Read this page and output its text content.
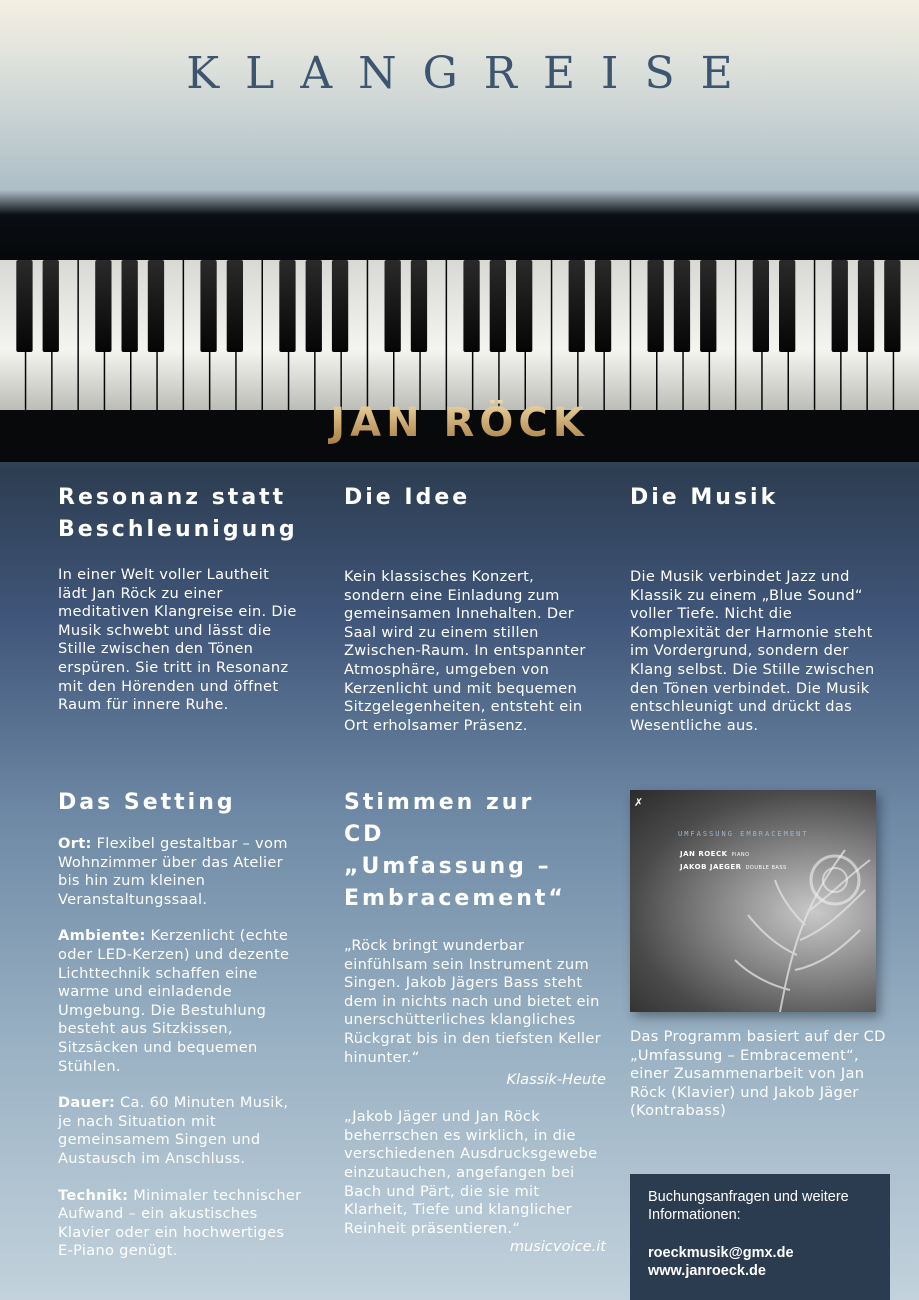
KLANGREISE
JAN RÖCK
Resonanz statt Beschleunigung

In einer Welt voller Lautheit lädt Jan Röck zu einer meditativen Klangreise ein. Die Musik schwebt und lässt die Stille zwischen den Tönen erspüren. Sie tritt in Resonanz mit den Hörenden und öffnet Raum für innere Ruhe.

Die Idee

Kein klassisches Konzert, sondern eine Einladung zum gemeinsamen Innehalten. Der Saal wird zu einem stillen Zwischen-Raum. In entspannter Atmosphäre, umgeben von Kerzenlicht und mit bequemen Sitzgelegenheiten, entsteht ein Ort erholsamer Präsenz.

Die Musik

Die Musik verbindet Jazz und Klassik zu einem „Blue Sound“ voller Tiefe. Nicht die Komplexität der Harmonie steht im Vordergrund, sondern der Klang selbst. Die Stille zwischen den Tönen verbindet. Die Musik entschleunigt und drückt das Wesentliche aus.

Das Setting

Ort: Flexibel gestaltbar – vom Wohnzimmer über das Atelier bis hin zum kleinen Veranstaltungssaal.

Ambiente: Kerzenlicht (echte oder LED-Kerzen) und dezente Lichttechnik schaffen eine warme und einladende Umgebung. Die Bestuhlung besteht aus Sitzkissen, Sitzsäcken und bequemen Stühlen.

Dauer: Ca. 60 Minuten Musik, je nach Situation mit gemeinsamem Singen und Austausch im Anschluss.

Technik: Minimaler technischer Aufwand – ein akustisches Klavier oder ein hochwertiges E-Piano genügt.

Stimmen zur CD „Umfassung – Embracement“

„Röck bringt wunderbar einfühlsam sein Instrument zum Singen. Jakob Jägers Bass steht dem in nichts nach und bietet ein unerschütterliches klangliches Rückgrat bis in den tiefsten Keller hinunter.“

Klassik-Heute

„Jakob Jäger und Jan Röck beherrschen es wirklich, in die verschiedenen Ausdrucksgewebe einzutauchen, angefangen bei Bach und Pärt, die sie mit Klarheit, Tiefe und klanglicher Reinheit präsentieren.“

musicvoice.it

✗
UMFASSUNG EMBRACEMENT
JAN ROECK PIANO
JAKOB JAEGER DOUBLE BASS

Das Programm basiert auf der CD „Umfassung – Embracement“, einer Zusammenarbeit von Jan Röck (Klavier) und Jakob Jäger (Kontrabass)

Buchungsanfragen und weitere Informationen:

roeckmusik@gmx.de

www.janroeck.de
